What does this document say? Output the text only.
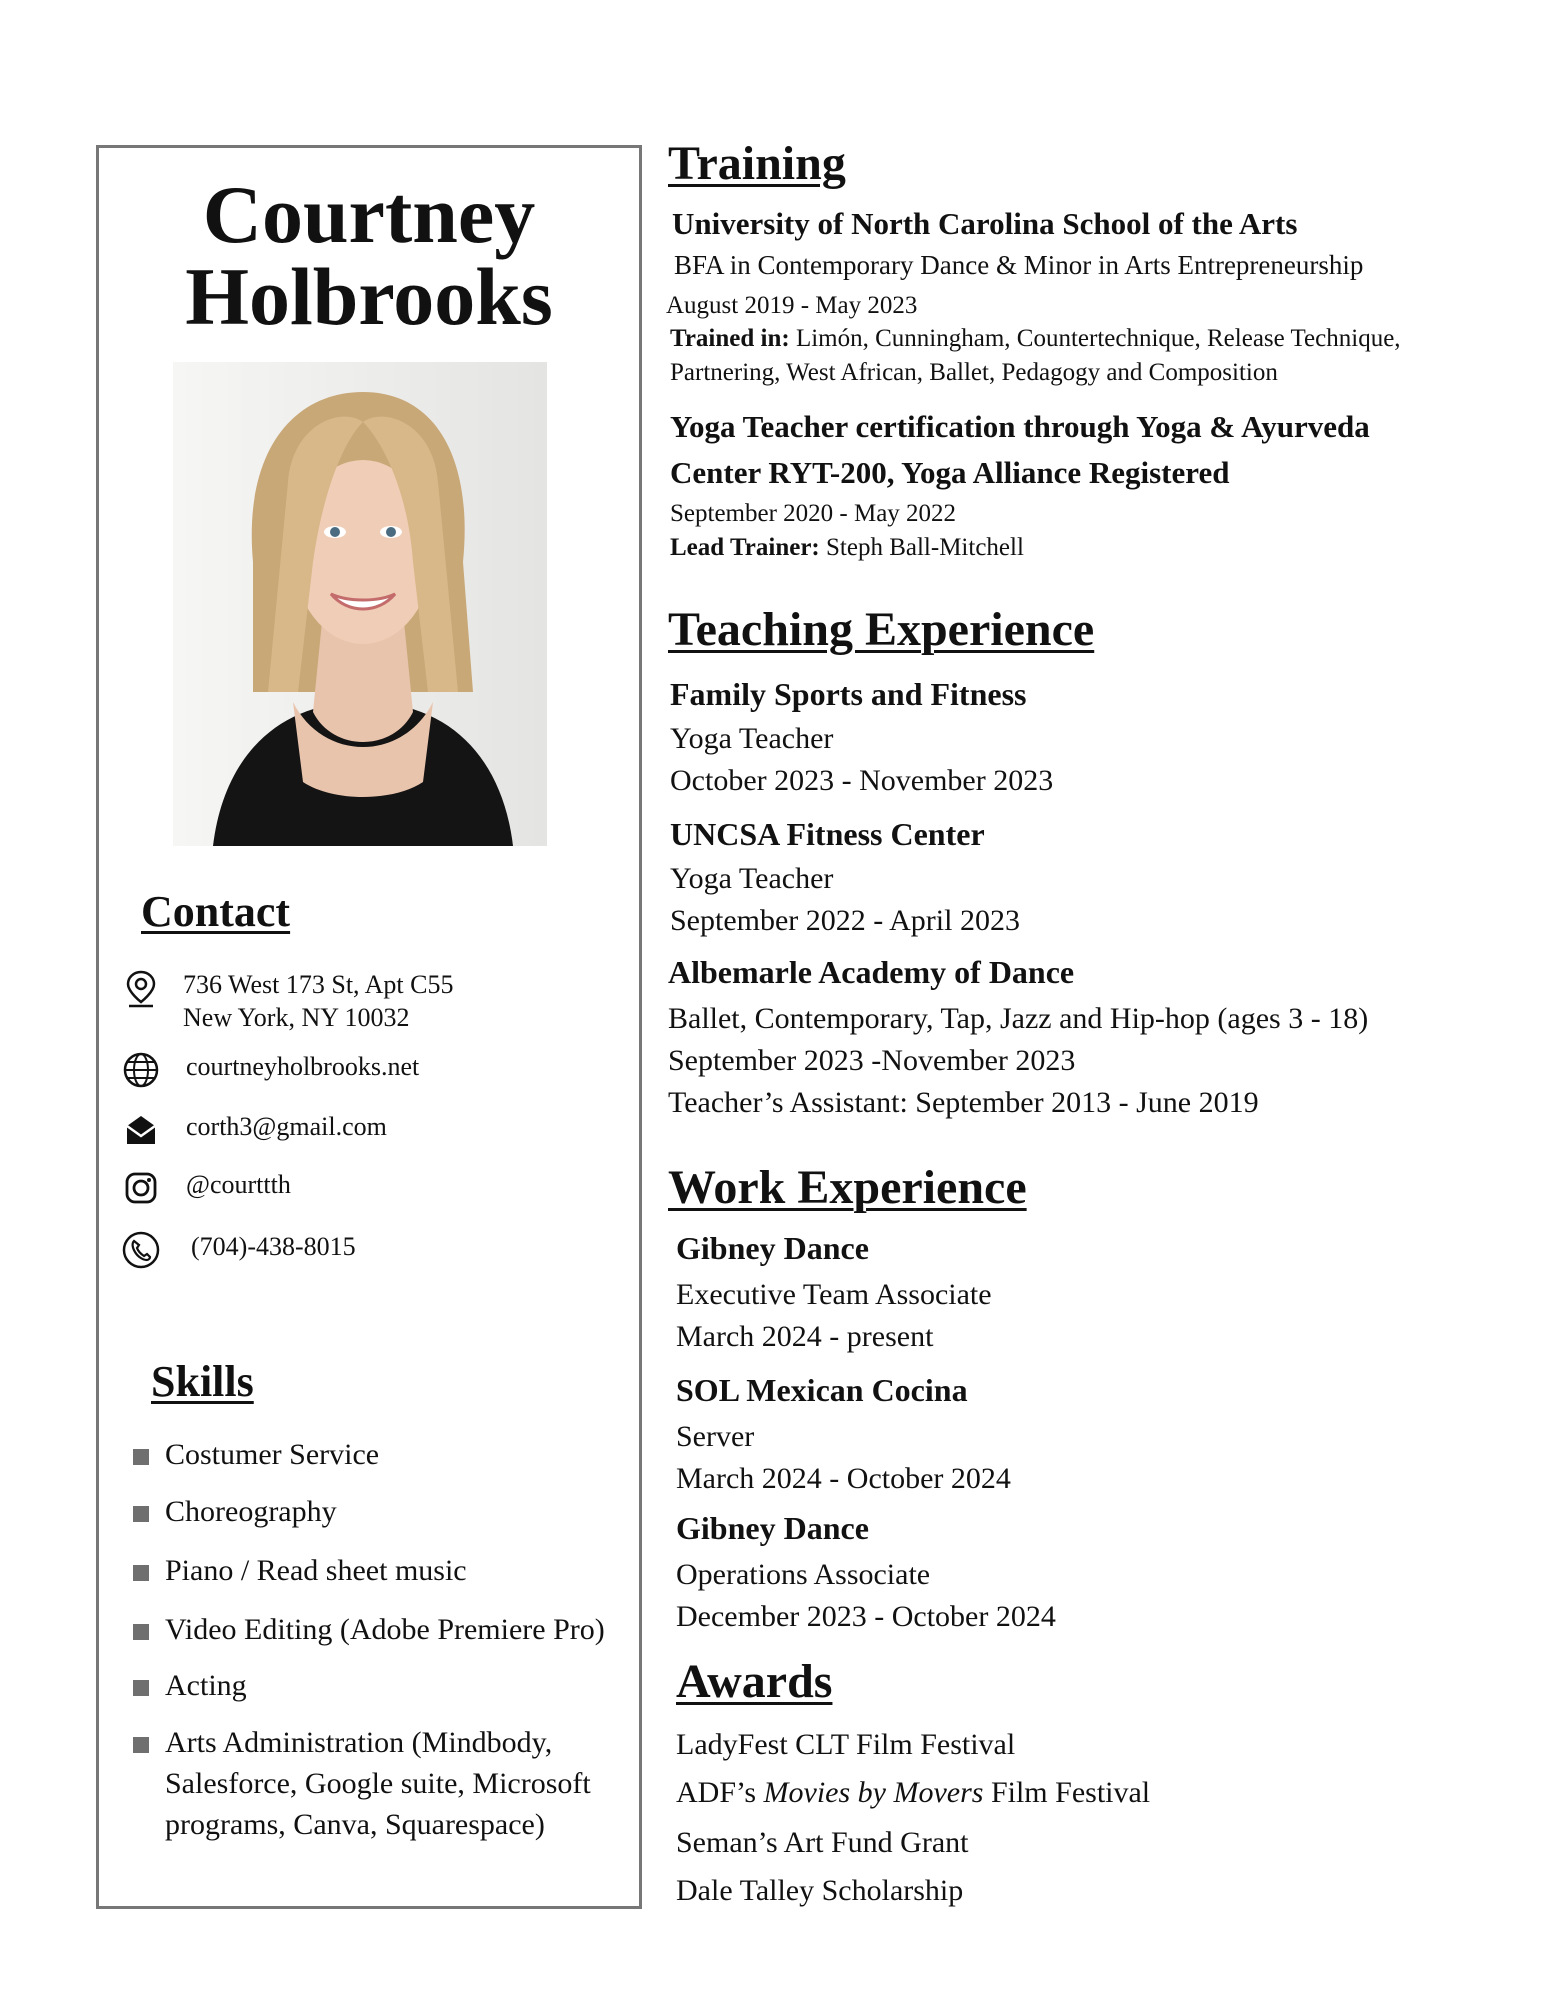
Courtney
Holbrooks
Contact
736 West 173 St, Apt C55
New York, NY 10032
courtneyholbrooks.net
corth3@gmail.com
@courttth
(704)-438-8015
Skills
Costumer Service
Choreography
Piano / Read sheet music
Video Editing (Adobe Premiere Pro)
Acting
Arts Administration (Mindbody, Salesforce, Google suite, Microsoft programs, Canva, Squarespace)
Training
University of North Carolina School of the Arts
BFA in Contemporary Dance & Minor in Arts Entrepreneurship
August 2019 - May 2023
Trained in: Limón, Cunningham, Countertechnique, Release Technique, Partnering, West African, Ballet, Pedagogy and Composition
Yoga Teacher certification through Yoga & Ayurveda Center RYT-200, Yoga Alliance Registered
September 2020 - May 2022
Lead Trainer: Steph Ball-Mitchell
Teaching Experience
Family Sports and Fitness
Yoga Teacher
October 2023 - November 2023
UNCSA Fitness Center
Yoga Teacher
September 2022 - April 2023
Albemarle Academy of Dance
Ballet, Contemporary, Tap, Jazz and Hip-hop (ages 3 - 18)
September 2023 -November 2023
Teacher’s Assistant: September 2013 - June 2019
Work Experience
Gibney Dance
Executive Team Associate
March 2024 - present
SOL Mexican Cocina
Server
March 2024 - October 2024
Gibney Dance
Operations Associate
December 2023 - October 2024
Awards
LadyFest CLT Film Festival
ADF’s Movies by Movers Film Festival
Seman’s Art Fund Grant
Dale Talley Scholarship
